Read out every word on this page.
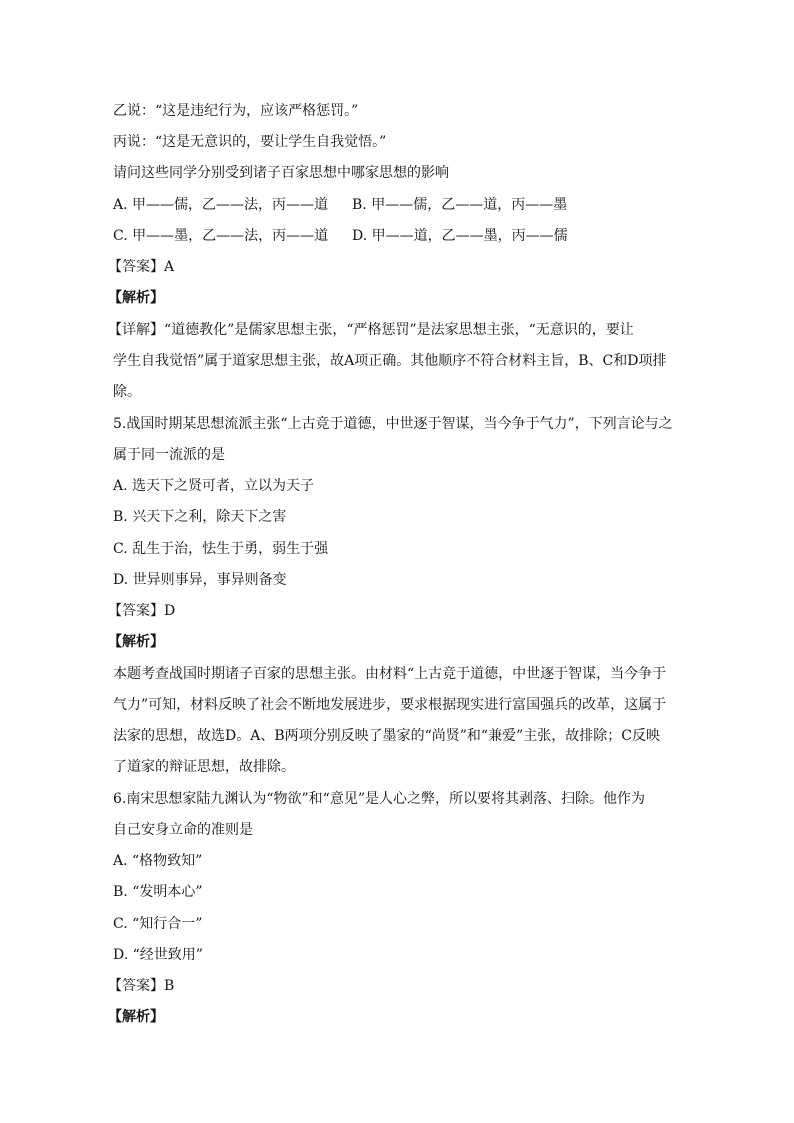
乙说：“这是违纪行为，应该严格惩罚。”
丙说：“这是无意识的，要让学生自我觉悟。”
请问这些同学分别受到诸子百家思想中哪家思想的影响
A. 甲——儒，乙——法，丙——道 B. 甲——儒，乙——道，丙——墨
C. 甲——墨，乙——法，丙——道 D. 甲——道，乙——墨，丙——儒
【答案】A
【解析】
【详解】“道德教化”是儒家思想主张，“严格惩罚”是法家思想主张，“无意识的，要让
学生自我觉悟”属于道家思想主张，故A项正确。其他顺序不符合材料主旨，B、C和D项排
除。
5.战国时期某思想流派主张“上古竞于道德，中世逐于智谋，当今争于气力”，下列言论与之
属于同一流派的是
A. 选天下之贤可者，立以为天子
B. 兴天下之利，除天下之害
C. 乱生于治，怯生于勇，弱生于强
D. 世异则事异，事异则备变
【答案】D
【解析】
本题考查战国时期诸子百家的思想主张。由材料“上古竞于道德，中世逐于智谋，当今争于
气力”可知，材料反映了社会不断地发展进步，要求根据现实进行富国强兵的改革，这属于
法家的思想，故选D。A、B两项分别反映了墨家的“尚贤”和“兼爱”主张，故排除；C反映
了道家的辩证思想，故排除。
6.南宋思想家陆九渊认为“物欲”和“意见”是人心之弊，所以要将其剥落、扫除。他作为
自己安身立命的准则是
A. “格物致知”
B. “发明本心”
C. “知行合一”
D. “经世致用”
【答案】B
【解析】
